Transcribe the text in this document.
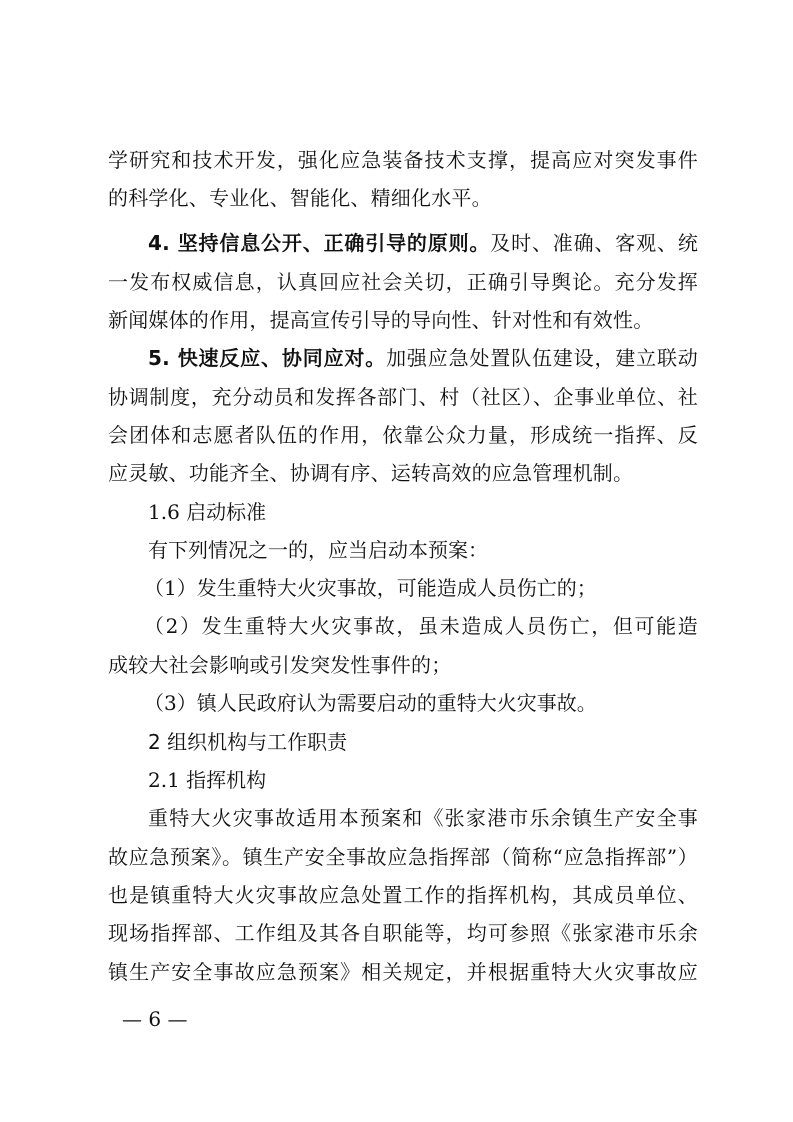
学研究和技术开发，强化应急装备技术支撑，提高应对突发事件
的科学化、专业化、智能化、精细化水平。
4. 坚持信息公开、正确引导的原则。及时、准确、客观、统
一发布权威信息，认真回应社会关切，正确引导舆论。充分发挥
新闻媒体的作用，提高宣传引导的导向性、针对性和有效性。
5. 快速反应、协同应对。加强应急处置队伍建设，建立联动
协调制度，充分动员和发挥各部门、村（社区）、企事业单位、社
会团体和志愿者队伍的作用，依靠公众力量，形成统一指挥、反
应灵敏、功能齐全、协调有序、运转高效的应急管理机制。
1.6 启动标准
有下列情况之一的，应当启动本预案：
（1）发生重特大火灾事故，可能造成人员伤亡的；
（2）发生重特大火灾事故，虽未造成人员伤亡，但可能造
成较大社会影响或引发突发性事件的；
（3）镇人民政府认为需要启动的重特大火灾事故。
2 组织机构与工作职责
2.1 指挥机构
重特大火灾事故适用本预案和《张家港市乐余镇生产安全事
故应急预案》。镇生产安全事故应急指挥部（简称“应急指挥部”）
也是镇重特大火灾事故应急处置工作的指挥机构，其成员单位、
现场指挥部、工作组及其各自职能等，均可参照《张家港市乐余
镇生产安全事故应急预案》相关规定，并根据重特大火灾事故应
— 6 —
